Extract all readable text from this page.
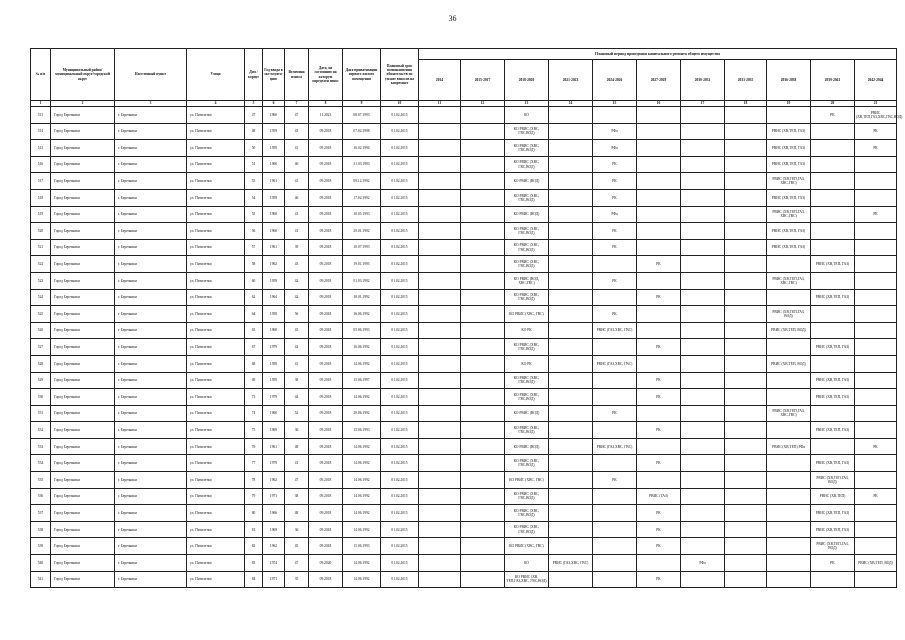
36
№ п/п	Муниципальный район/ муниципальный округ/городской округ	Населенный пункт	Улица	Дом / корпус	Год ввода в экс-плуата-цию	Величина износа	Дата, на состоянию на которую определен износ	Дата приватизации первого жилого помещения	Плановый срок возникновения обязательств по уплате взносов на капремонт	Плановый период проведения капитального ремонта общего имущества										
										2014	2015-2017	2018-2020	2021-2023	2024-2026	2027-2029	2030-2032	2033-2035	2036-2038	2039-2041	2042-2044
1	2	3	4	5	6	7	8	9	10	11	12	13	14	15	16	17	18	19	20	21
513	Город Березники	г. Березники	ул. Пятилетки	47	1960	47	11.2023	08.07.1993	01.02.2015			КО							РК	РВИС (ХВ,ТЕП,ГАЗ,ХВС,ГВС,ВОД)
514	Город Березники	г. Березники	ул. Пятилетки	48	1959	43	09.2018	07.02.1998	01.02.2015			КО РВИС (ХВС, ГВС,ВОД)		РФа				РВИС (ХВ,ТЕП, ГАЗ)		РК
515	Город Березники	г. Березники	ул. Пятилетки	50	1959	41	09.2018	16.02.1994	01.02.2015			КО РВИС (ХВС, ГВС,ВОД)		РФа				РВИС (ХВ,ТЕП, ГАЗ)		РК
516	Город Березники	г. Березники	ул. Пятилетки	51	1960	46	09.2018	31.03.1993	01.02.2015			КО РВИС (ХВС, ГВС,ВОД)		РК				РВИС (ХВ,ТЕП, ГАЗ)		
517	Город Березники	г. Березники	ул. Пятилетки	53	1961	41	09.2018	09.12.1992	01.02.2015			КО РВИС (ВОД)		РК				РВИС (ХВ,ТЕП,ГАЗ, ХВС,ГВС)		
518	Город Березники	г. Березники	ул. Пятилетки	54	1959	46	09.2018	17.02.1992	01.02.2015			КО РВИС (ХВС, ГВС,ВОД)		РК				РВИС (ХВ,ТЕП, ГАЗ)		
519	Город Березники	г. Березники	ул. Пятилетки	55	1960	41	09.2018	10.05.1993	01.02.2015			КО РВИС (ВОД)		РФа				РВИС (ХВ,ТЕП,ГАЗ, ХВС,ГВС)		РК
520	Город Березники	г. Березники	ул. Пятилетки	56	1960	41	09.2018	29.01.1992	01.02.2015			КО РВИС (ХВС, ГВС,ВОД)		РК				РВИС (ХВ,ТЕП, ГАЗ)		
521	Город Березники	г. Березники	ул. Пятилетки	57	1961	39	09.2018	10.07.1993	01.02.2015			КО РВИС (ХВС, ГВС,ВОД)		РК				РВИС (ХВ,ТЕП, ГАЗ)		
522	Город Березники	г. Березники	ул. Пятилетки	58	1962	43	09.2018	19.01.1993	01.02.2015			КО РВИС (ХВС, ГВС,ВОД)			РК				РВИС (ХВ,ТЕП, ГАЗ)	
523	Город Березники	г. Березники	ул. Пятилетки	60	1959	42	09.2018	01.03.1992	01.02.2015			КО РВИС (ВОД, ХВС,ГВС)		РК				РВИС (ХВ,ТЕП,ГАЗ, ХВС,ГВС)		
524	Город Березники	г. Березники	ул. Пятилетки	62	1964	42	09.2018	18.01.1992	01.02.2015			КО РВИС (ХВС, ГВС,ВОД)			РК				РВИС (ХВ,ТЕП, ГАЗ)	
525	Город Березники	г. Березники	ул. Пятилетки	64	1958	56	09.2018	16.06.1992	01.02.2015			КО РВИС (ХВС, ГВС)		РК				РВИС (ХВ,ТЕП,ГАЗ, ВОД)		
526	Город Березники	г. Березники	ул. Пятилетки	65	1960	43	09.2018	05.06.1993	01.02.2015			КО РК		РВИС (ГАЗ,ХВС, ГВС)				РВИС (ХВ,ТЕП, ВОД)		
527	Город Березники	г. Березники	ул. Пятилетки	67	1979	42	09.2018	16.06.1992	01.02.2015			КО РВИС (ХВС, ГВС,ВОД)			РК				РВИС (ХВ,ТЕП, ГАЗ)	
528	Город Березники	г. Березники	ул. Пятилетки	68	1958	41	09.2018	14.06.1992	01.02.2015			КО РК		РВИС (ГАЗ,ХВС, ГВС)				РВИС (ХВ,ТЕП, ВОД)		
529	Город Березники	г. Березники	ул. Пятилетки	69	1959	38	09.2018	15.06.1997	01.02.2015			КО РВИС (ХВС, ГВС,ВОД)			РК				РВИС (ХВ,ТЕП, ГАЗ)	
530	Город Березники	г. Березники	ул. Пятилетки	73	1979	44	09.2018	14.06.1992	01.02.2015			КО РВИС (ХВС, ГВС,ВОД)			РК				РВИС (ХВ,ТЕП, ГАЗ)	
531	Город Березники	г. Березники	ул. Пятилетки	74	1960	52	09.2018	20.06.1992	01.02.2015			КО РВИС (ВОД)		РК				РВИС (ХВ,ТЕП,ГАЗ, ХВС,ГВС)		
532	Город Березники	г. Березники	ул. Пятилетки	75	1969	36	09.2018	15.06.1993	01.02.2015			КО РВИС (ХВС, ГВС,ВОД)			РК				РВИС (ХВ,ТЕП, ГАЗ)	
533	Город Березники	г. Березники	ул. Пятилетки	76	1961	48	09.2018	14.06.1992	01.02.2015			КО РВИС (ВОД)		РВИС (ГАЗ,ХВС, ГВС)				РВИС (ХВ,ТЕП) РФа		РК
534	Город Березники	г. Березники	ул. Пятилетки	77	1979	41	09.2018	14.06.1992	01.02.2015			КО РВИС (ХВС, ГВС,ВОД)			РК				РВИС (ХВ,ТЕП, ГАЗ)	
535	Город Березники	г. Березники	ул. Пятилетки	78	1962	47	09.2018	14.06.1992	01.02.2015			КО РВИС (ХВС, ГВС)		РК					РВИС (ХВ,ТЕП,ГАЗ, ВОД)	
536	Город Березники	г. Березники	ул. Пятилетки	79	1971	38	09.2018	14.06.1992	01.02.2015			КО РВИС (ХВС, ГВС,ВОД)			РВИС (ГАЗ)				РВИС (ХВ,ТЕП)	РК
537	Город Березники	г. Березники	ул. Пятилетки	80	1966	48	09.2018	14.06.1992	01.02.2015			КО РВИС (ХВС, ГВС,ВОД)			РК				РВИС (ХВ,ТЕП, ГАЗ)	
538	Город Березники	г. Березники	ул. Пятилетки	81	1969	36	09.2018	14.06.1992	01.02.2015			КО РВИС (ХВС, ГВС,ВОД)			РК				РВИС (ХВ,ТЕП, ГАЗ)	
539	Город Березники	г. Березники	ул. Пятилетки	82	1962	45	09.2018	15.06.1993	01.02.2015			КО РВИС (ХВС, ГВС)			РК				РВИС (ХВ,ТЕП,ГАЗ, ВОД)	
540	Город Березники	г. Березники	ул. Пятилетки	83	1974	47	09.2020	14.06.1992	01.02.2015			КО	РВИС (ГАЗ,ХВС, ГВС)			РФа			РК	РВИС (ХВ,ТЕП, ВОД)
541	Город Березники	г. Березники	ул. Пятилетки	84	1971	35	09.2018	14.06.1992	01.02.2015			КО РВИС (ХВ, ТЕП,ГАЗ,ХВС, ГВС,ВОД)			РК					
